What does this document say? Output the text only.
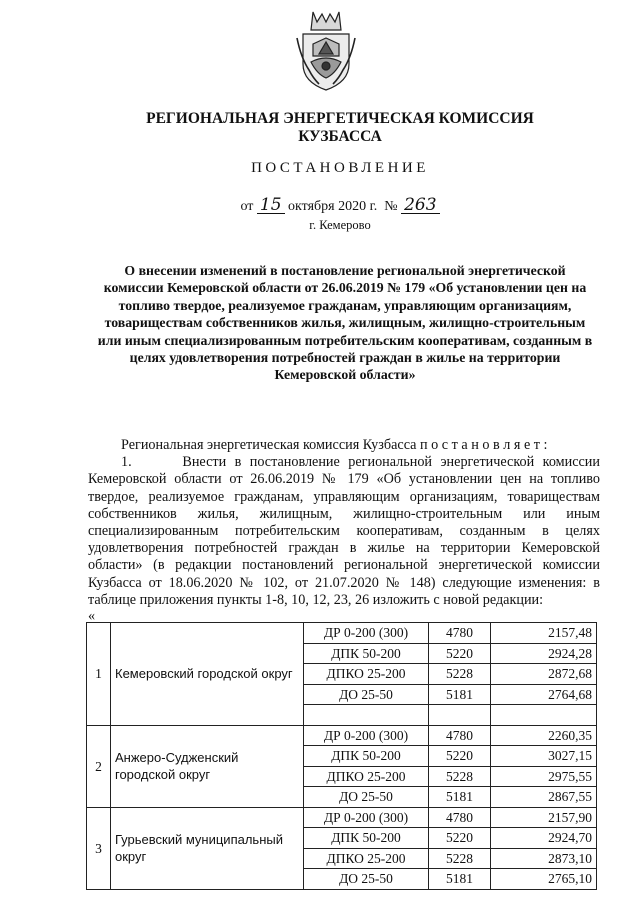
РЕГИОНАЛЬНАЯ ЭНЕРГЕТИЧЕСКАЯ КОМИССИЯ КУЗБАССА
ПОСТАНОВЛЕНИЕ
от 15 октября 2020 г. № 263
г. Кемерово
О внесении изменений в постановление региональной энергетической комиссии Кемеровской области от 26.06.2019 № 179 «Об установлении цен на топливо твердое, реализуемое гражданам, управляющим организациям, товариществам собственников жилья, жилищным, жилищно-строительным или иным специализированным потребительским кооперативам, созданным в целях удовлетворения потребностей граждан в жилье на территории Кемеровской области»

Региональная энергетическая комиссия Кузбасса п о с т а н о в л я е т :

1.	Внести в постановление региональной энергетической комиссии Кемеровской области от 26.06.2019 № 179 «Об установлении цен на топливо твердое, реализуемое гражданам, управляющим организациям, товариществам собственников жилья, жилищным, жилищно-строительным или иным специализированным потребительским кооперативам, созданным в целях удовлетворения потребностей граждан в жилье на территории Кемеровской области» (в редакции постановлений региональной энергетической комиссии Кузбасса от 18.06.2020 № 102, от 21.07.2020 № 148) следующие изменения: в таблице приложения пункты 1-8, 10, 12, 23, 26 изложить с новой редакции:

«

1	Кемеровский городской округ	ДР 0-200 (300)	4780	2157,48
		ДПК 50-200	5220	2924,28
		ДПКО 25-200	5228	2872,68
		ДО 25-50	5181	2764,68

2	Анжеро-Судженский городской округ	ДР 0-200 (300)	4780	2260,35
		ДПК 50-200	5220	3027,15
		ДПКО 25-200	5228	2975,55
		ДО 25-50	5181	2867,55
3	Гурьевский муниципальный округ	ДР 0-200 (300)	4780	2157,90
		ДПК 50-200	5220	2924,70
		ДПКО 25-200	5228	2873,10
		ДО 25-50	5181	2765,10
